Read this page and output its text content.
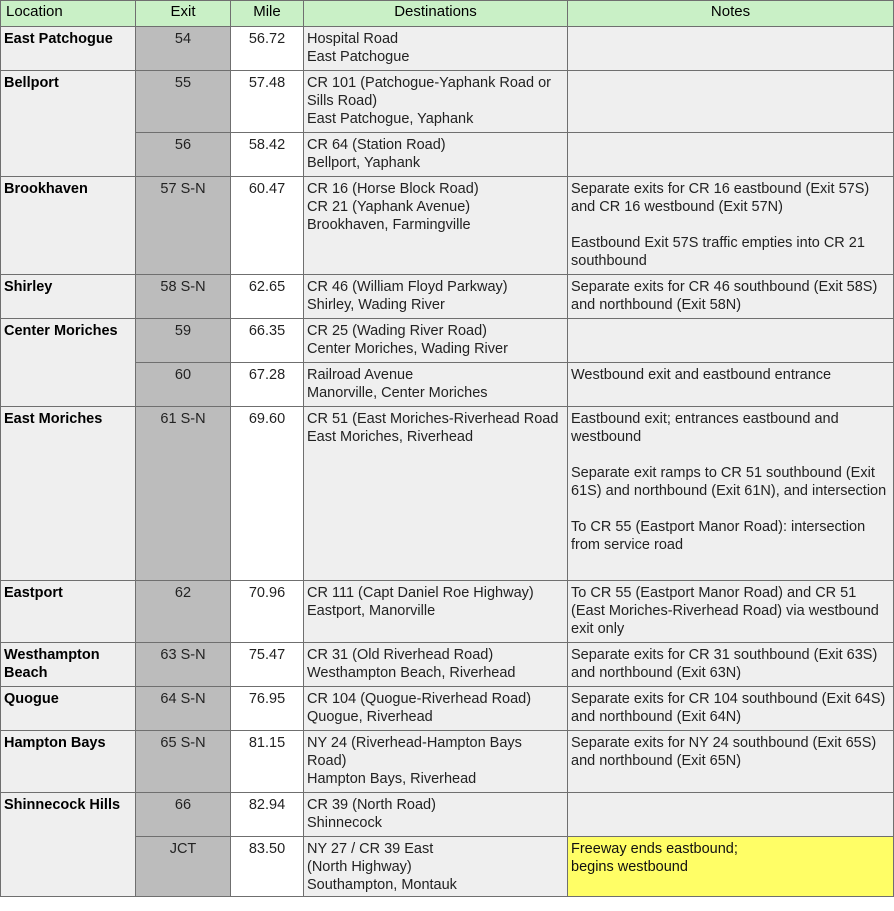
Location	Exit	Mile	Destinations	Notes
East Patchogue	54	56.72	Hospital Road
East Patchogue	

Bellport	55	57.48	CR 101 (Patchogue-Yaphank Road or Sills Road)
East Patchogue, Yaphank	

	56	58.42	CR 64 (Station Road)
Bellport, Yaphank	

Brookhaven	57 S-N	60.47	CR 16 (Horse Block Road)
CR 21 (Yaphank Avenue)
Brookhaven, Farmingville	Separate exits for CR 16 eastbound (Exit 57S) and CR 16 westbound (Exit 57N)
Eastbound Exit 57S traffic empties into CR 21 southbound

Shirley	58 S-N	62.65	CR 46 (William Floyd Parkway)
Shirley, Wading River	Separate exits for CR 46 southbound (Exit 58S) and northbound (Exit 58N)

Center Moriches	59	66.35	CR 25 (Wading River Road)
Center Moriches, Wading River	

	60	67.28	Railroad Avenue
Manorville, Center Moriches	Westbound exit and eastbound entrance

East Moriches	61 S-N	69.60	CR 51 (East Moriches-Riverhead Road
East Moriches, Riverhead	Eastbound exit; entrances eastbound and westbound
Separate exit ramps to CR 51 southbound (Exit 61S) and northbound (Exit 61N), and intersection
To CR 55 (Eastport Manor Road): intersection from service road

Eastport	62	70.96	CR 111 (Capt Daniel Roe Highway)
Eastport, Manorville	To CR 55 (Eastport Manor Road) and CR 51 (East Moriches-Riverhead Road) via westbound exit only

Westhampton Beach	63 S-N	75.47	CR 31 (Old Riverhead Road)
Westhampton Beach, Riverhead	Separate exits for CR 31 southbound (Exit 63S) and northbound (Exit 63N)

Quogue	64 S-N	76.95	CR 104 (Quogue-Riverhead Road)
Quogue, Riverhead	Separate exits for CR 104 southbound (Exit 64S) and northbound (Exit 64N)

Hampton Bays	65 S-N	81.15	NY 24 (Riverhead-Hampton Bays Road)
Hampton Bays, Riverhead	Separate exits for NY 24 southbound (Exit 65S) and northbound (Exit 65N)

Shinnecock Hills	66	82.94	CR 39 (North Road)
Shinnecock	

	JCT	83.50	NY 27 / CR 39 East
(North Highway)
Southampton, Montauk	Freeway ends eastbound;
begins westbound
